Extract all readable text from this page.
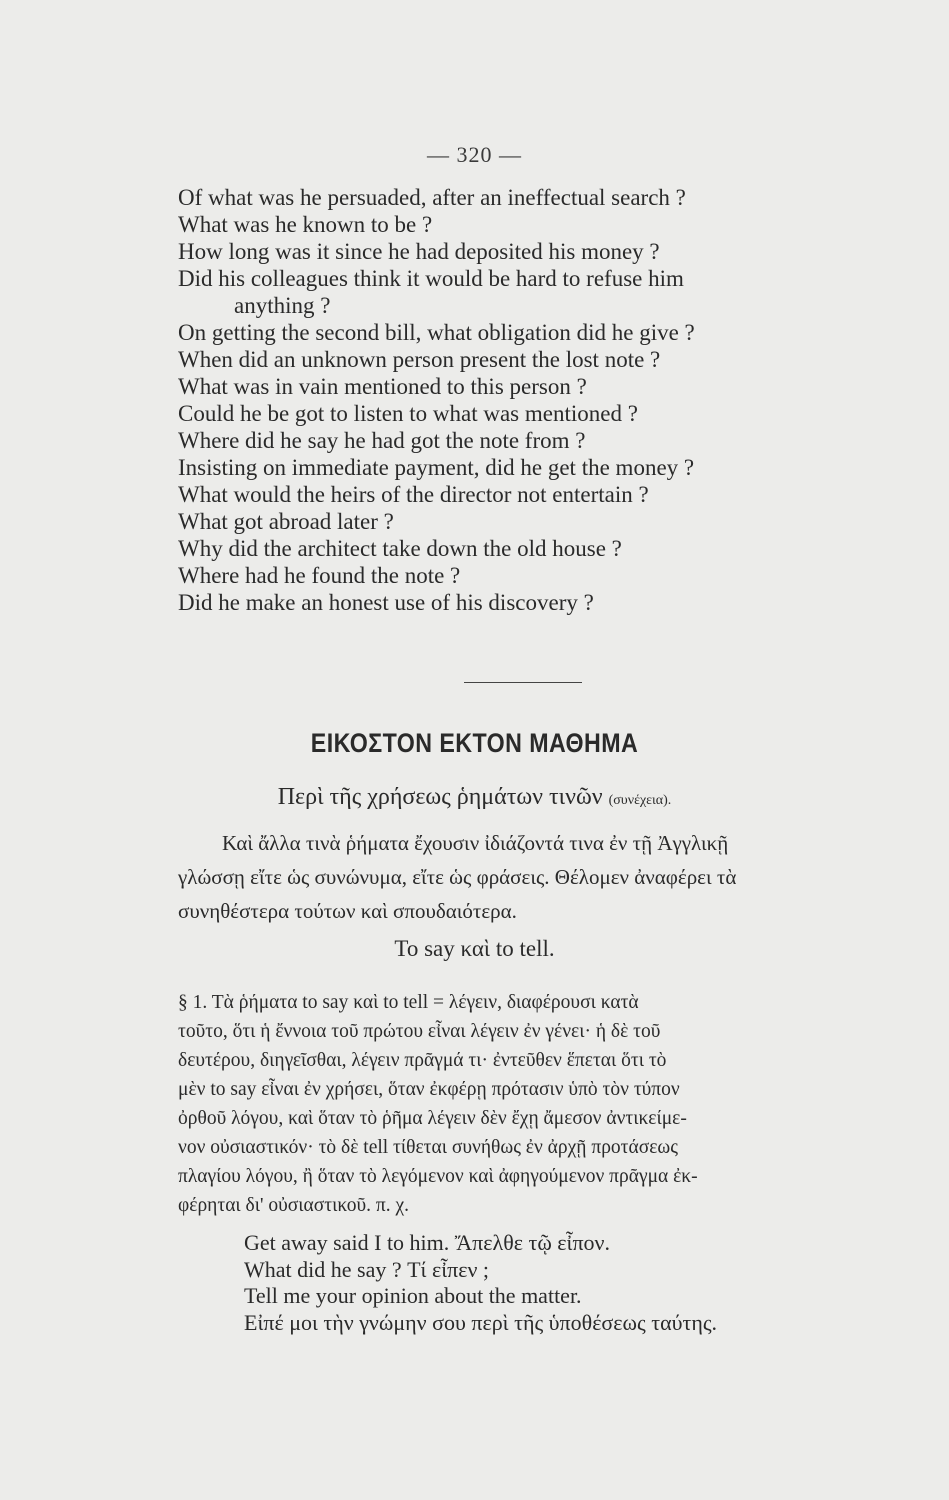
— 320 —
Of what was he persuaded, after an ineffectual search ?
What was he known to be ?
How long was it since he had deposited his money ?
Did his colleagues think it would be hard to refuse him
anything ?
On getting the second bill, what obligation did he give ?
When did an unknown person present the lost note ?
What was in vain mentioned to this person ?
Could he be got to listen to what was mentioned ?
Where did he say he had got the note from ?
Insisting on immediate payment, did he get the money ?
What would the heirs of the director not entertain ?
What got abroad later ?
Why did the architect take down the old house ?
Where had he found the note ?
Did he make an honest use of his discovery ?
ΕΙΚΟΣΤΟΝ ΕΚΤΟΝ ΜΑΘΗΜΑ
Περὶ τῆς χρήσεως ῥημάτων τινῶν (συνέχεια).
Καὶ ἄλλα τινὰ ῥήματα ἔχουσιν ἰδιάζοντά τινα ἐν τῇ Ἀγγλικῇ
γλώσσῃ εἴτε ὡς συνώνυμα, εἴτε ὡς φράσεις. Θέλομεν ἀναφέρει τὰ
συνηθέστερα τούτων καὶ σπουδαιότερα.
To say καὶ to tell.
§ 1. Τὰ ῥήματα to say καὶ to tell = λέγειν, διαφέρουσι κατὰ
τοῦτο, ὅτι ἡ ἔννοια τοῦ πρώτου εἶναι λέγειν ἐν γένει· ἡ δὲ τοῦ
δευτέρου, διηγεῖσθαι, λέγειν πρᾶγμά τι· ἐντεῦθεν ἕπεται ὅτι τὸ
μὲν to say εἶναι ἐν χρήσει, ὅταν ἐκφέρῃ πρότασιν ὑπὸ τὸν τύπον
ὀρθοῦ λόγου, καὶ ὅταν τὸ ῥῆμα λέγειν δὲν ἔχῃ ἄμεσον ἀντικείμε-
νον οὐσιαστικόν· τὸ δὲ tell τίθεται συνήθως ἐν ἀρχῇ προτάσεως
πλαγίου λόγου, ἢ ὅταν τὸ λεγόμενον καὶ ἀφηγούμενον πρᾶγμα ἐκ-
φέρηται δι' οὐσιαστικοῦ. π. χ.
Get away said I to him. Ἄπελθε τῷ εἶπον.
What did he say ? Τί εἶπεν ;
Tell me your opinion about the matter.
Εἰπέ μοι τὴν γνώμην σου περὶ τῆς ὑποθέσεως ταύτης.
